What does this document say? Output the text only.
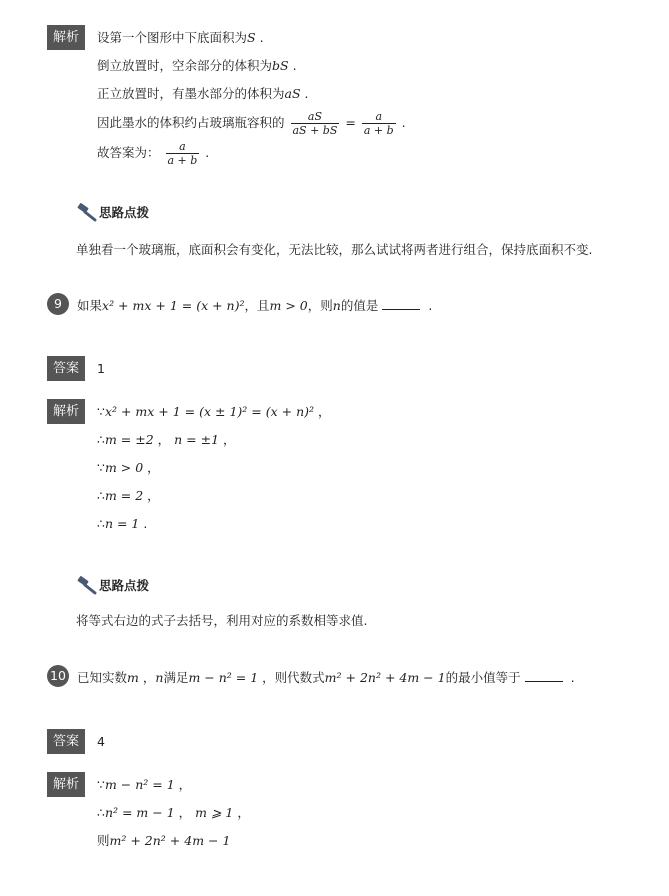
解析	设第一个图形中下底面积为S .
倒立放置时，空余部分的体积为bS .
正立放置时，有墨水部分的体积为aS .
因此墨水的体积约占玻璃瓶容积的 $\frac{aS}{aS + bS} = \frac{a}{a + b}$ .
故答案为： $\frac{a}{a + b}$ .
思路点拨
单独看一个玻璃瓶，底面积会有变化，无法比较，那么试试将两者进行组合，保持底面积不变.
9	如果x² + mx + 1 = (x + n)²，且m > 0，则n的值是	.
答案	1
解析	∵x² + mx + 1 = (x ± 1)² = (x + n)² ，
∴m = ±2 ， n = ±1 ，
∵m > 0 ，
∴m = 2 ，
∴n = 1 .
思路点拨
将等式右边的式子去括号，利用对应的系数相等求值.
10 已知实数m ，n满足m − n² = 1 ，则代数式m² + 2n² + 4m − 1的最小值等于	.
答案	4
解析	∵m − n² = 1 ，
∴n² = m − 1 ， m ⩾ 1 ，
则m² + 2n² + 4m − 1
